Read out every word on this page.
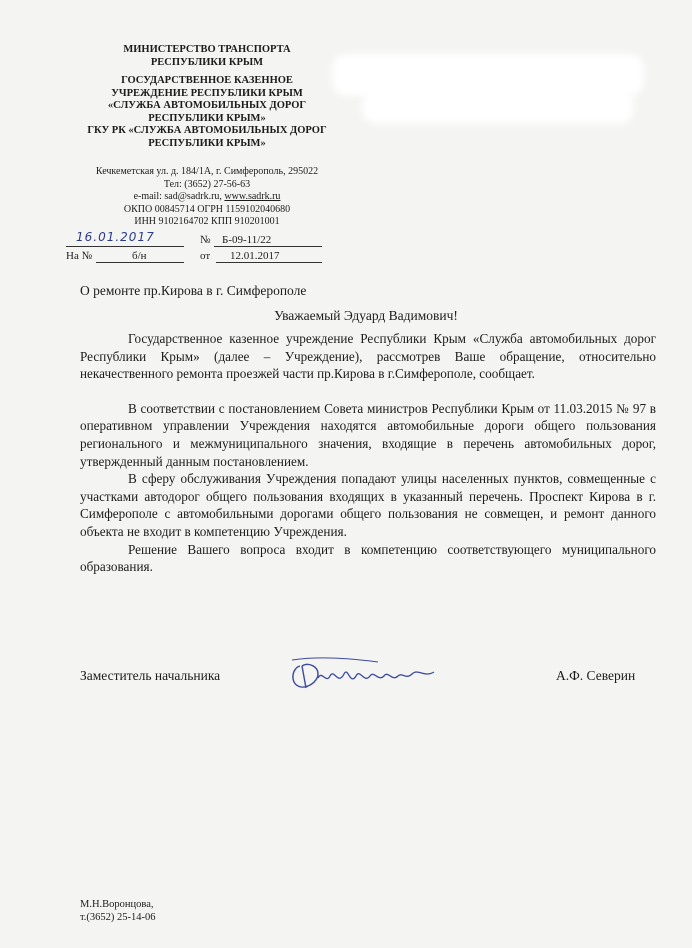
МИНИСТЕРСТВО ТРАНСПОРТА
РЕСПУБЛИКИ КРЫМ
ГОСУДАРСТВЕННОЕ КАЗЕННОЕ
УЧРЕЖДЕНИЕ РЕСПУБЛИКИ КРЫМ
«СЛУЖБА АВТОМОБИЛЬНЫХ ДОРОГ
РЕСПУБЛИКИ КРЫМ»
ГКУ РК «СЛУЖБА АВТОМОБИЛЬНЫХ ДОРОГ
РЕСПУБЛИКИ КРЫМ»
Кечкеметская ул. д. 184/1А, г. Симферополь, 295022
Тел: (3652) 27-56-63
e-mail: sad@sadrk.ru, www.sadrk.ru
ОКПО 00845714 ОГРН 1159102040680
ИНН 9102164702 КПП 910201001
16.01.2017	№ Б-09-11/22
На №	б/н	от 12.01.2017
О ремонте пр.Кирова в г. Симферополе
Уважаемый Эдуард Вадимович!

Государственное казенное учреждение Республики Крым «Служба автомобильных дорог Республики Крым» (далее – Учреждение), рассмотрев Ваше обращение, относительно некачественного ремонта проезжей части пр.Кирова в г.Симферополе, сообщает.

В соответствии с постановлением Совета министров Республики Крым от 11.03.2015 № 97 в оперативном управлении Учреждения находятся автомобильные дороги общего пользования регионального и межмуниципального значения, входящие в перечень автомобильных дорог, утвержденный данным постановлением.

В сферу обслуживания Учреждения попадают улицы населенных пунктов, совмещенные с участками автодорог общего пользования входящих в указанный перечень. Проспект Кирова в г. Симферополе с автомобильными дорогами общего пользования не совмещен, и ремонт данного объекта не входит в компетенцию Учреждения.

Решение Вашего вопроса входит в компетенцию соответствующего муниципального образования.

Заместитель начальника	А.Ф. Северин
М.Н.Воронцова,
т.(3652) 25-14-06
